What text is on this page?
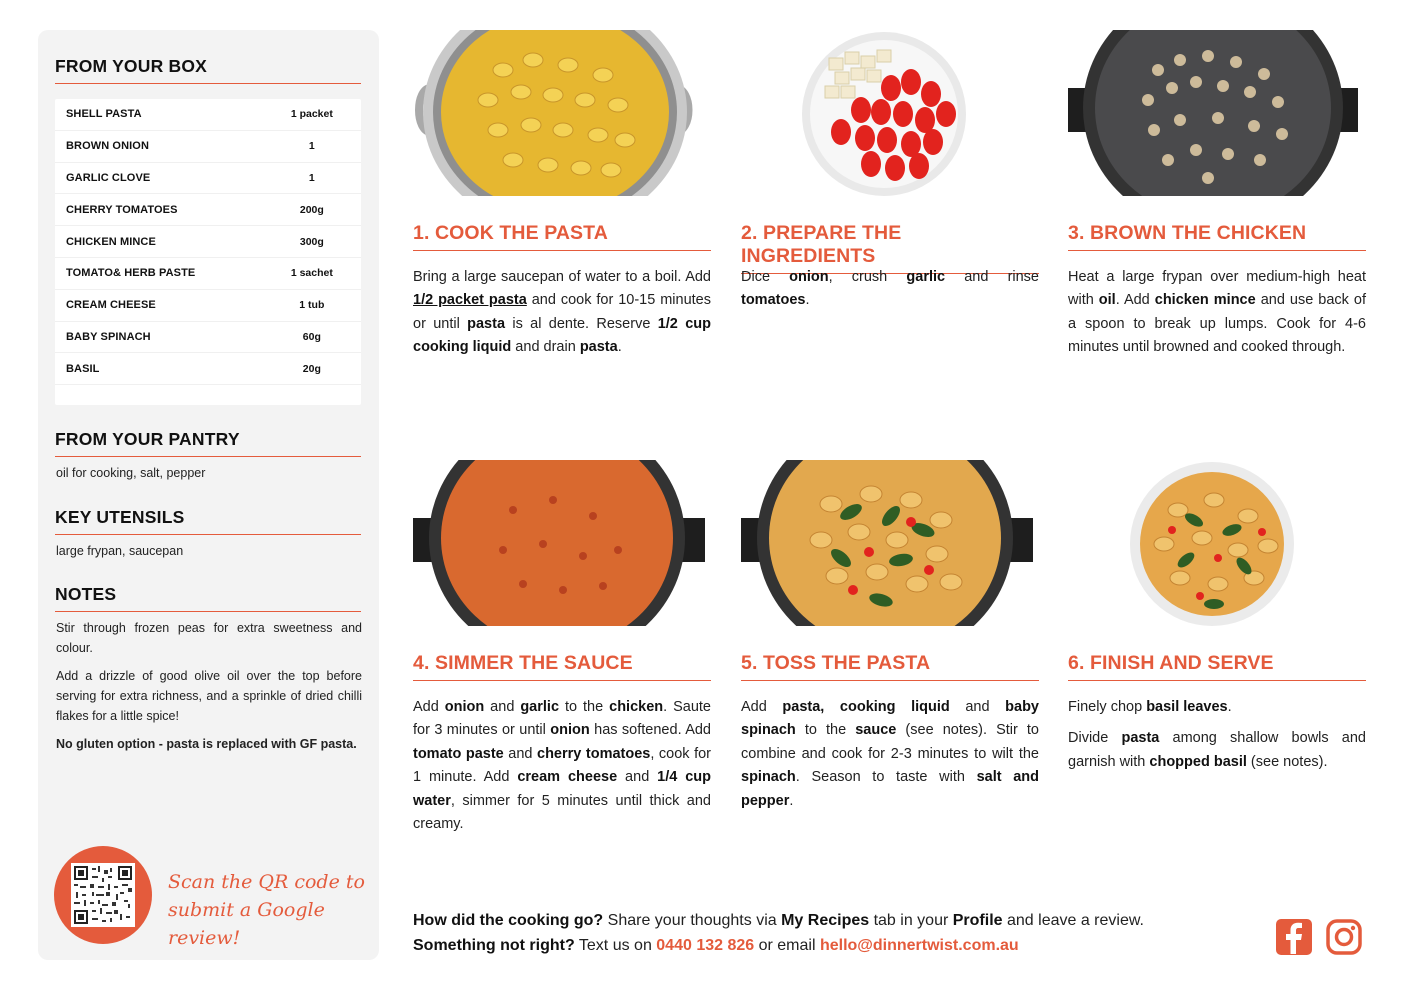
FROM YOUR BOX
SHELL PASTA	1 packet
BROWN ONION	1
GARLIC CLOVE	1
CHERRY TOMATOES	200g
CHICKEN MINCE	300g
TOMATO& HERB PASTE	1 sachet
CREAM CHEESE	1 tub
BABY SPINACH	60g
BASIL	20g
FROM YOUR PANTRY
oil for cooking, salt, pepper
KEY UTENSILS
large frypan, saucepan
NOTES

Stir through frozen peas for extra sweetness and colour.

Add a drizzle of good olive oil over the top before serving for extra richness, and a sprinkle of dried chilli flakes for a little spice!

No gluten option - pasta is replaced with GF pasta.

Scan the QR code to
submit a Google review!
1. COOK THE PASTA
Bring a large saucepan of water to a boil. Add 1/2 packet pasta and cook for 10-15 minutes or until pasta is al dente. Reserve 1/2 cup cooking liquid and drain pasta.
2. PREPARE THE INGREDIENTS
Dice onion, crush garlic and rinse tomatoes.
3. BROWN THE CHICKEN
Heat a large frypan over medium-high heat with oil. Add chicken mince and use back of a spoon to break up lumps. Cook for 4-6 minutes until browned and cooked through.
4. SIMMER THE SAUCE
Add onion and garlic to the chicken. Saute for 3 minutes or until onion has softened. Add tomato paste and cherry tomatoes, cook for 1 minute. Add cream cheese and 1/4 cup water, simmer for 5 minutes until thick and creamy.
5. TOSS THE PASTA
Add pasta, cooking liquid and baby spinach to the sauce (see notes). Stir to combine and cook for 2-3 minutes to wilt the spinach. Season to taste with salt and pepper.
6. FINISH AND SERVE

Finely chop basil leaves.

Divide pasta among shallow bowls and garnish with chopped basil (see notes).

How did the cooking go? Share your thoughts via My Recipes tab in your Profile and leave a review.
Something not right? Text us on 0440 132 826 or email hello@dinnertwist.com.au
